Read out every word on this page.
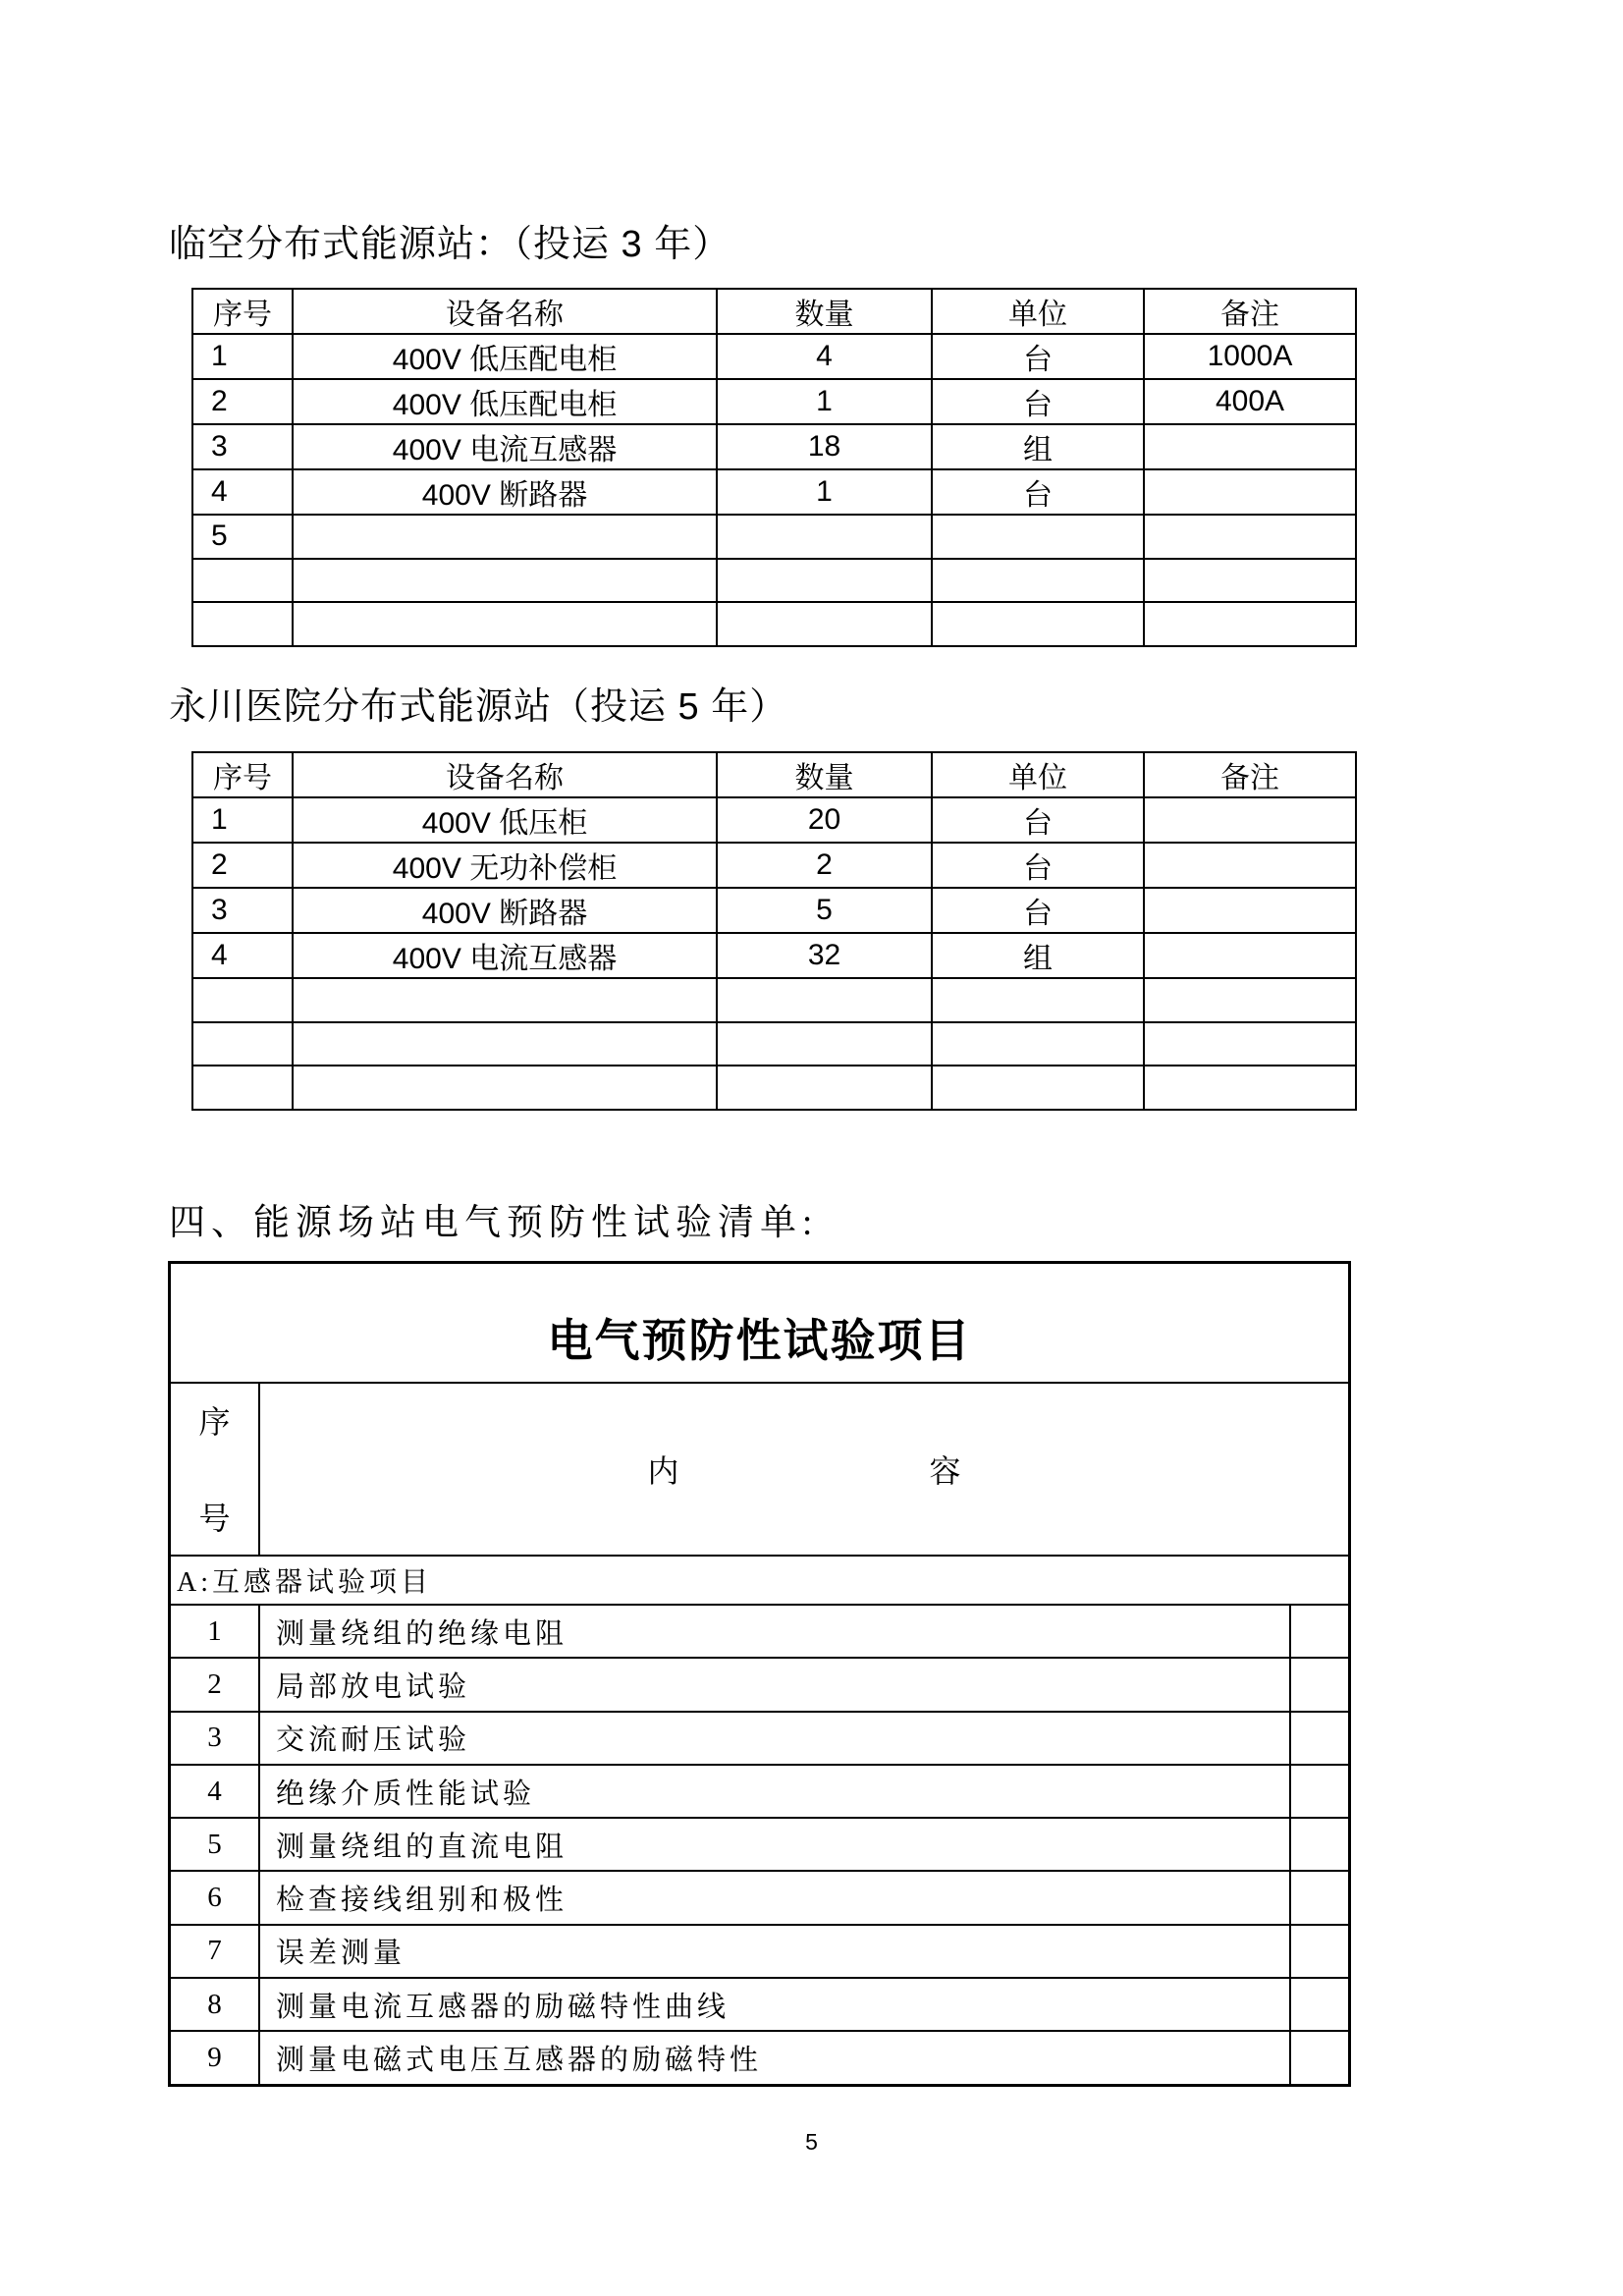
临空分布式能源站：（投运 3 年）
序号	设备名称	数量	单位	备注
1	400V 低压配电柜	4	台	1000A
2	400V 低压配电柜	1	台	400A
3	400V 电流互感器	18	组	
4	400V 断路器	1	台	
5				

永川医院分布式能源站（投运 5 年）
序号	设备名称	数量	单位	备注
1	400V 低压柜	20	台	
2	400V 无功补偿柜	2	台	
3	400V 断路器	5	台	
4	400V 电流互感器	32	组	

四、能源场站电气预防性试验清单:
电气预防性试验项目
序
号
内	容
A:互感器试验项目
1	测量绕组的绝缘电阻
2	局部放电试验
3	交流耐压试验
4	绝缘介质性能试验
5	测量绕组的直流电阻
6	检查接线组别和极性
7	误差测量
8	测量电流互感器的励磁特性曲线
9	测量电磁式电压互感器的励磁特性
5
